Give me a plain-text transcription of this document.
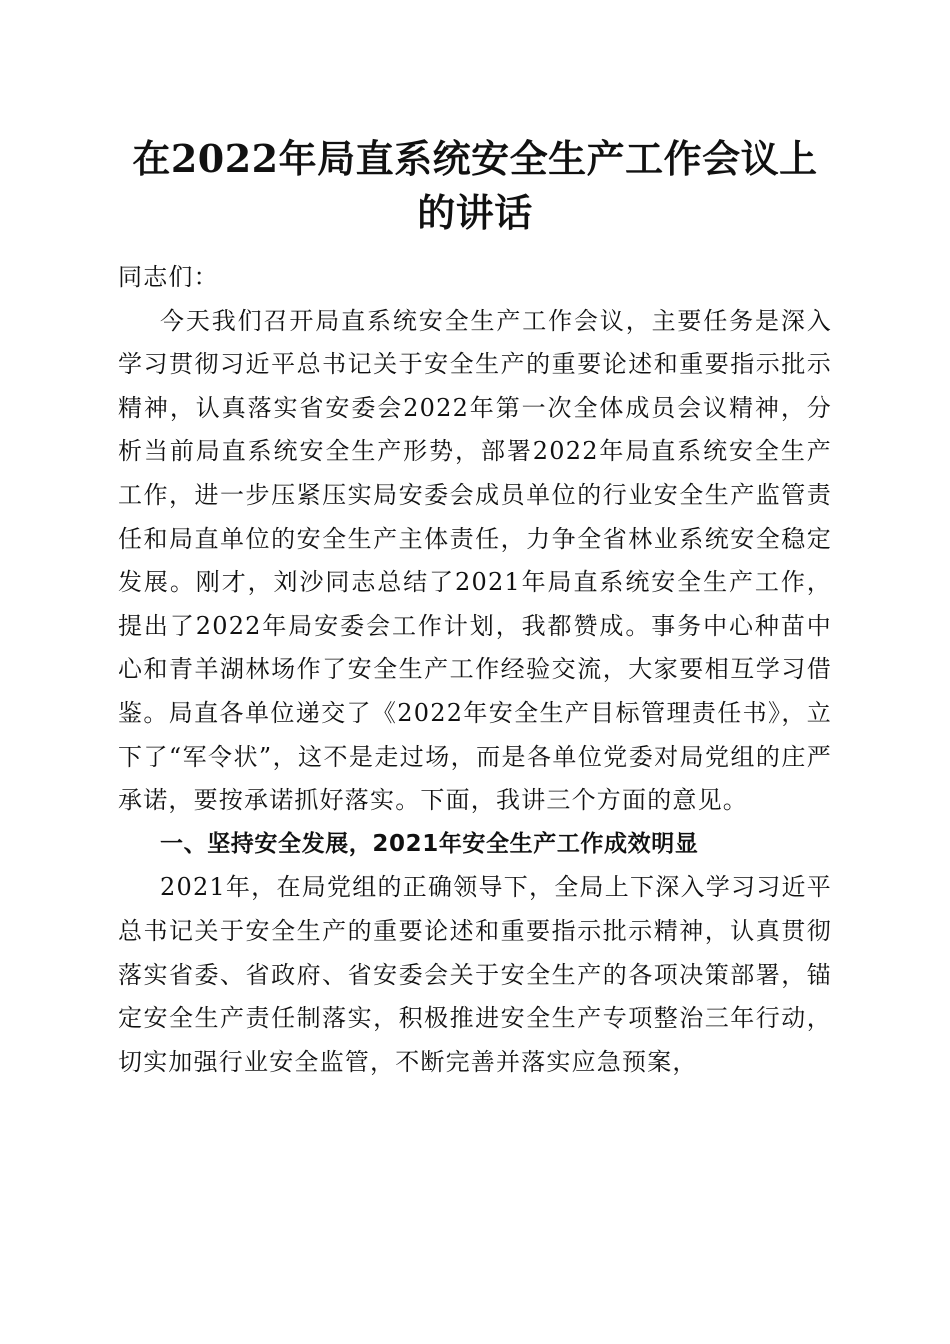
在2022年局直系统安全生产工作会议上的讲话

同志们：

今天我们召开局直系统安全生产工作会议，主要任务是深入学习贯彻习近平总书记关于安全生产的重要论述和重要指示批示精神，认真落实省安委会2022年第一次全体成员会议精神，分析当前局直系统安全生产形势，部署2022年局直系统安全生产工作，进一步压紧压实局安委会成员单位的行业安全生产监管责任和局直单位的安全生产主体责任，力争全省林业系统安全稳定发展。刚才，刘沙同志总结了2021年局直系统安全生产工作，提出了2022年局安委会工作计划，我都赞成。事务中心种苗中心和青羊湖林场作了安全生产工作经验交流，大家要相互学习借鉴。局直各单位递交了《2022年安全生产目标管理责任书》，立下了“军令状”，这不是走过场，而是各单位党委对局党组的庄严承诺，要按承诺抓好落实。下面，我讲三个方面的意见。

一、坚持安全发展，2021年安全生产工作成效明显

2021年，在局党组的正确领导下，全局上下深入学习习近平总书记关于安全生产的重要论述和重要指示批示精神，认真贯彻落实省委、省政府、省安委会关于安全生产的各项决策部署，锚定安全生产责任制落实，积极推进安全生产专项整治三年行动，切实加强行业安全监管，不断完善并落实应急预案，
